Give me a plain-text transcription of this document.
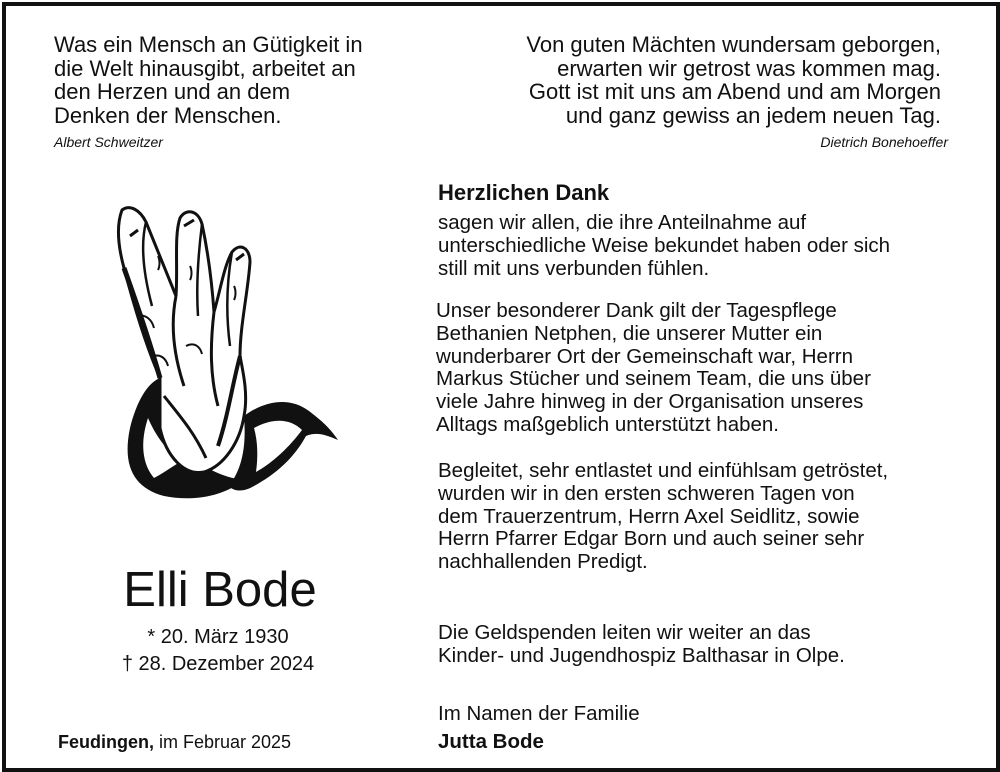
Was ein Mensch an Gütigkeit in
die Welt hinausgibt, arbeitet an
den Herzen und an dem
Denken der Menschen.
Albert Schweitzer
Von guten Mächten wundersam geborgen,
erwarten wir getrost was kommen mag.
Gott ist mit uns am Abend und am Morgen
und ganz gewiss an jedem neuen Tag.
Dietrich Bonehoeffer
Elli Bode
* 20. März 1930
† 28. Dezember 2024
Feudingen, im Februar 2025
Herzlichen Dank
sagen wir allen, die ihre Anteilnahme auf
unterschiedliche Weise bekundet haben oder sich
still mit uns verbunden fühlen.
Unser besonderer Dank gilt der Tagespflege
Bethanien Netphen, die unserer Mutter ein
wunderbarer Ort der Gemeinschaft war, Herrn
Markus Stücher und seinem Team, die uns über
viele Jahre hinweg in der Organisation unseres
Alltags maßgeblich unterstützt haben.
Begleitet, sehr entlastet und einfühlsam getröstet,
wurden wir in den ersten schweren Tagen von
dem Trauerzentrum, Herrn Axel Seidlitz, sowie
Herrn Pfarrer Edgar Born und auch seiner sehr
nachhallenden Predigt.
Die Geldspenden leiten wir weiter an das
Kinder- und Jugendhospiz Balthasar in Olpe.
Im Namen der Familie
Jutta Bode
